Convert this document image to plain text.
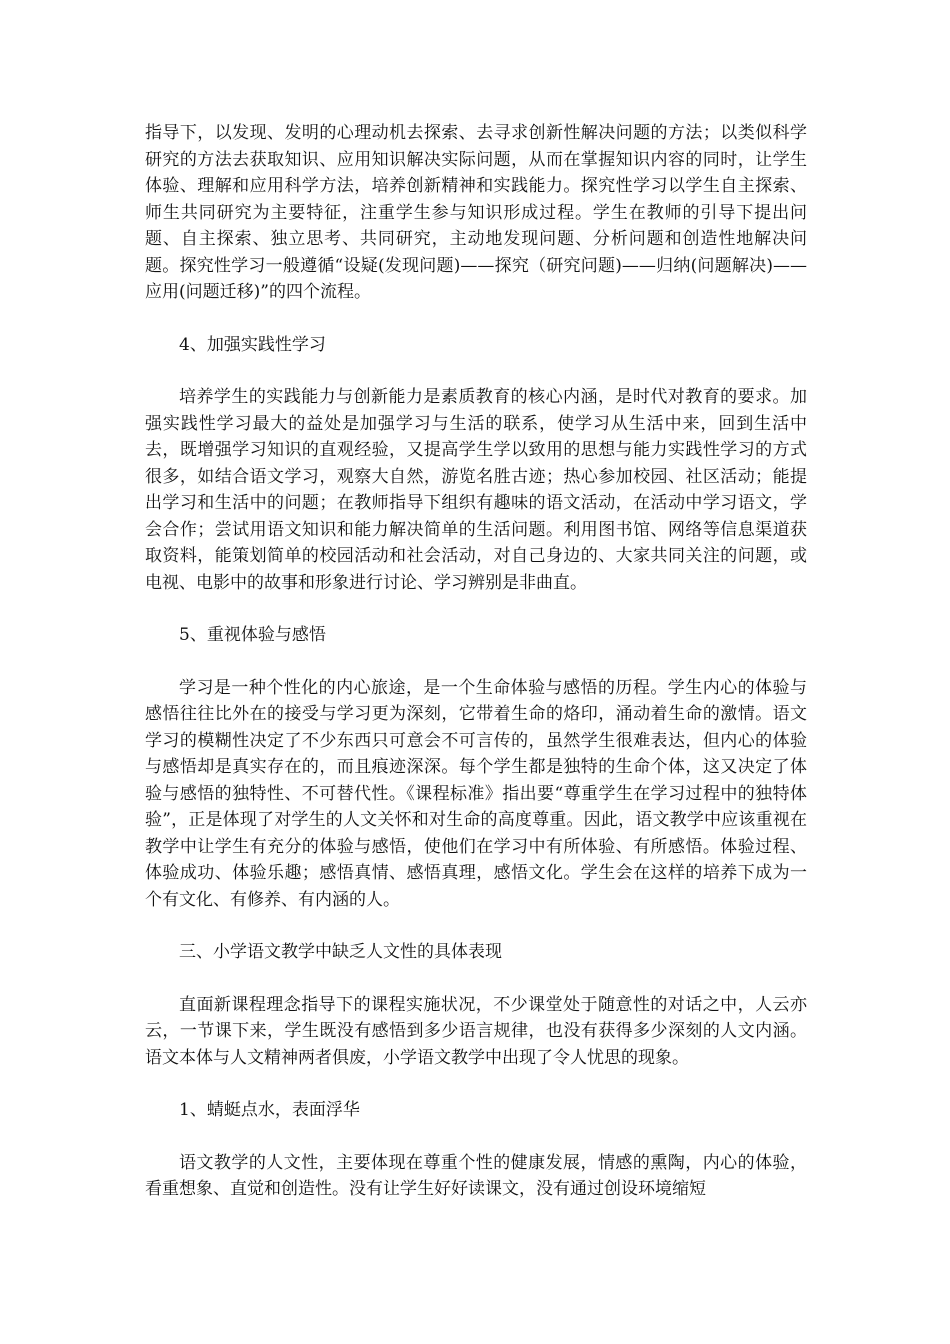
指导下，以发现、发明的心理动机去探索、去寻求创新性解决问题的方法；以类似科学研究的方法去获取知识、应用知识解决实际问题，从而在掌握知识内容的同时，让学生体验、理解和应用科学方法，培养创新精神和实践能力。探究性学习以学生自主探索、师生共同研究为主要特征，注重学生参与知识形成过程。学生在教师的引导下提出问题、自主探索、独立思考、共同研究，主动地发现问题、分析问题和创造性地解决问题。探究性学习一般遵循“设疑(发现问题)——探究（研究问题)——归纳(问题解决)——应用(问题迁移)”的四个流程。

4、加强实践性学习

培养学生的实践能力与创新能力是素质教育的核心内涵，是时代对教育的要求。加强实践性学习最大的益处是加强学习与生活的联系，使学习从生活中来，回到生活中去，既增强学习知识的直观经验，又提高学生学以致用的思想与能力实践性学习的方式很多，如结合语文学习，观察大自然，游览名胜古迹；热心参加校园、社区活动；能提出学习和生活中的问题；在教师指导下组织有趣味的语文活动，在活动中学习语文，学会合作；尝试用语文知识和能力解决简单的生活问题。利用图书馆、网络等信息渠道获取资料，能策划简单的校园活动和社会活动，对自己身边的、大家共同关注的问题，或电视、电影中的故事和形象进行讨论、学习辨别是非曲直。

5、重视体验与感悟

学习是一种个性化的内心旅途，是一个生命体验与感悟的历程。学生内心的体验与感悟往往比外在的接受与学习更为深刻，它带着生命的烙印，涌动着生命的激情。语文学习的模糊性决定了不少东西只可意会不可言传的，虽然学生很难表达，但内心的体验与感悟却是真实存在的，而且痕迹深深。每个学生都是独特的生命个体，这又决定了体验与感悟的独特性、不可替代性。《课程标准》指出要“尊重学生在学习过程中的独特体验”，正是体现了对学生的人文关怀和对生命的高度尊重。因此，语文教学中应该重视在教学中让学生有充分的体验与感悟，使他们在学习中有所体验、有所感悟。体验过程、体验成功、体验乐趣；感悟真情、感悟真理，感悟文化。学生会在这样的培养下成为一个有文化、有修养、有内涵的人。

三、小学语文教学中缺乏人文性的具体表现

直面新课程理念指导下的课程实施状况，不少课堂处于随意性的对话之中，人云亦云，一节课下来，学生既没有感悟到多少语言规律，也没有获得多少深刻的人文内涵。语文本体与人文精神两者俱废，小学语文教学中出现了令人忧思的现象。

1、蜻蜓点水，表面浮华

语文教学的人文性，主要体现在尊重个性的健康发展，情感的熏陶，内心的体验，看重想象、直觉和创造性。没有让学生好好读课文，没有通过创设环境缩短
